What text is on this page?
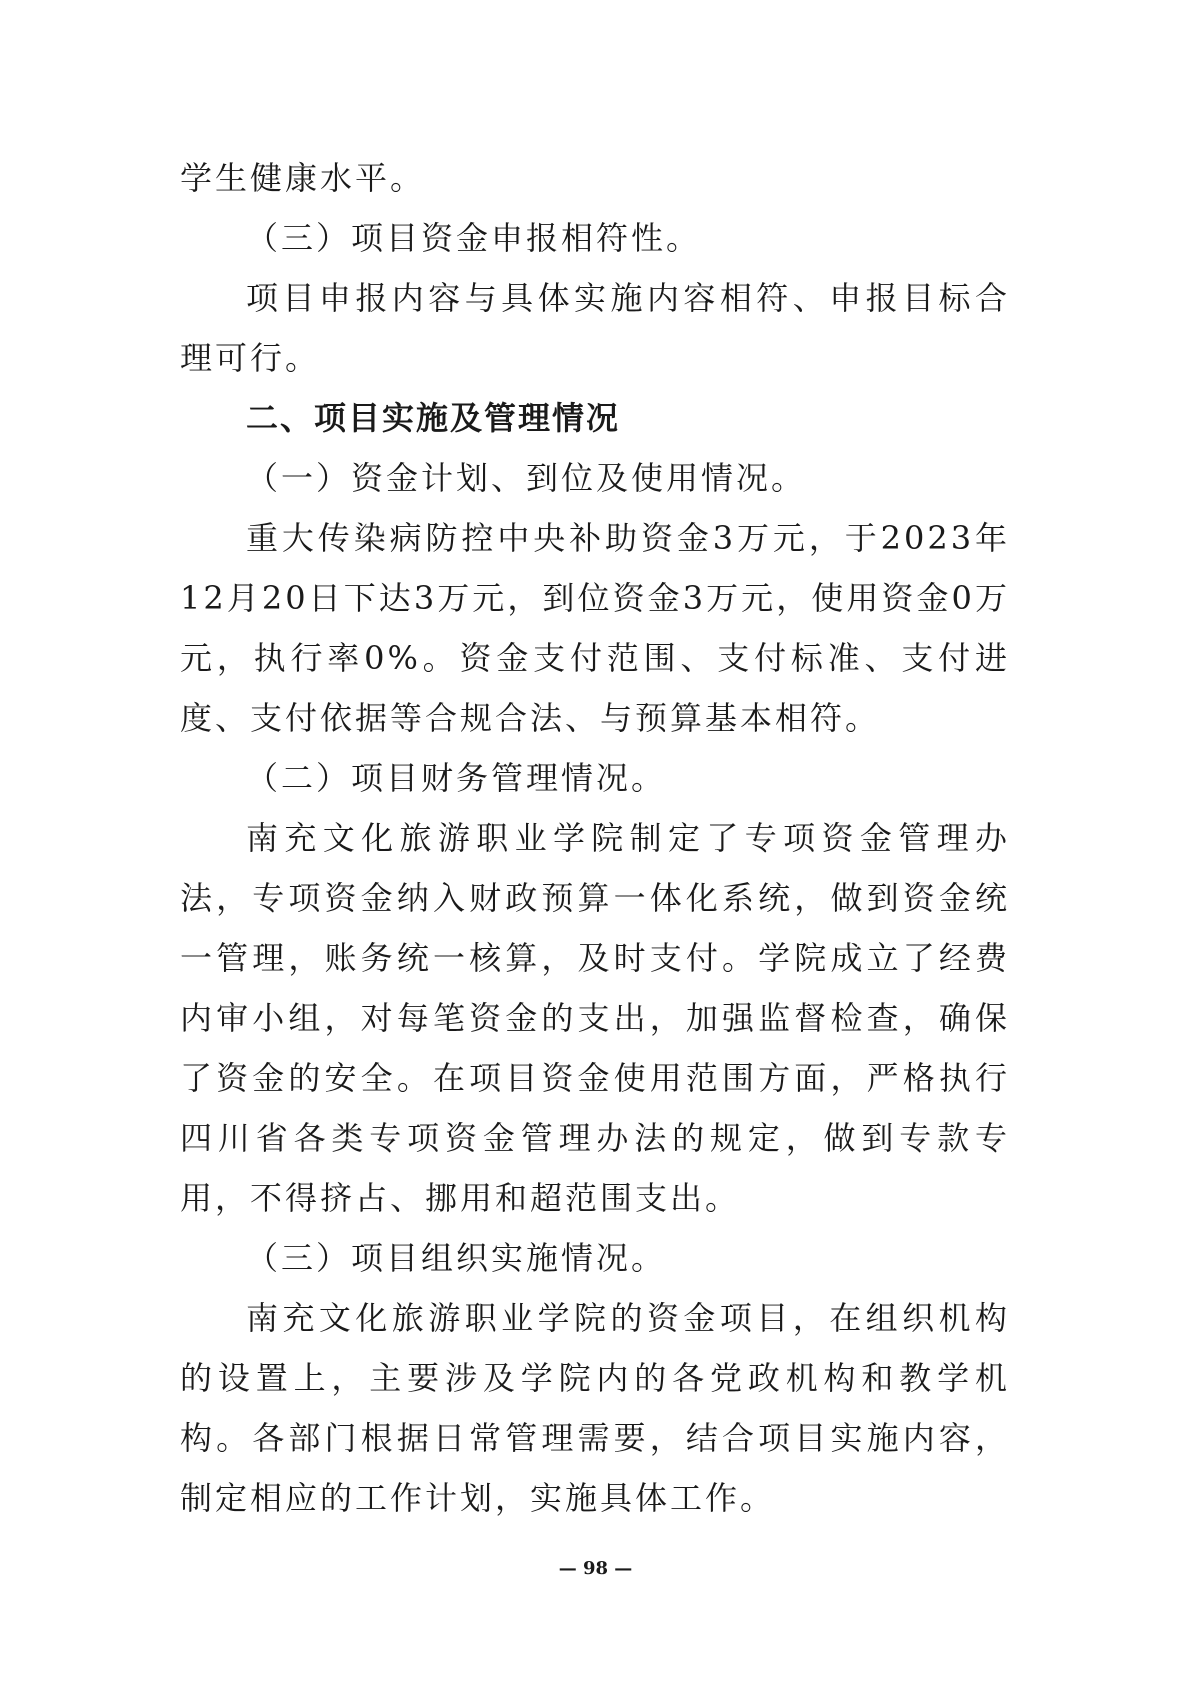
学生健康水平。

（三）项目资金申报相符性。

项目申报内容与具体实施内容相符、申报目标合理可行。

二、项目实施及管理情况

（一）资金计划、到位及使用情况。

重大传染病防控中央补助资金3万元，于2023年12月20日下达3万元，到位资金3万元，使用资金0万元，执行率0%。资金支付范围、支付标准、支付进度、支付依据等合规合法、与预算基本相符。

（二）项目财务管理情况。

南充文化旅游职业学院制定了专项资金管理办法，专项资金纳入财政预算一体化系统，做到资金统一管理，账务统一核算，及时支付。学院成立了经费内审小组，对每笔资金的支出，加强监督检查，确保了资金的安全。在项目资金使用范围方面，严格执行四川省各类专项资金管理办法的规定，做到专款专用，不得挤占、挪用和超范围支出。

（三）项目组织实施情况。

南充文化旅游职业学院的资金项目，在组织机构的设置上，主要涉及学院内的各党政机构和教学机构。各部门根据日常管理需要，结合项目实施内容，制定相应的工作计划，实施具体工作。

— 98 —
